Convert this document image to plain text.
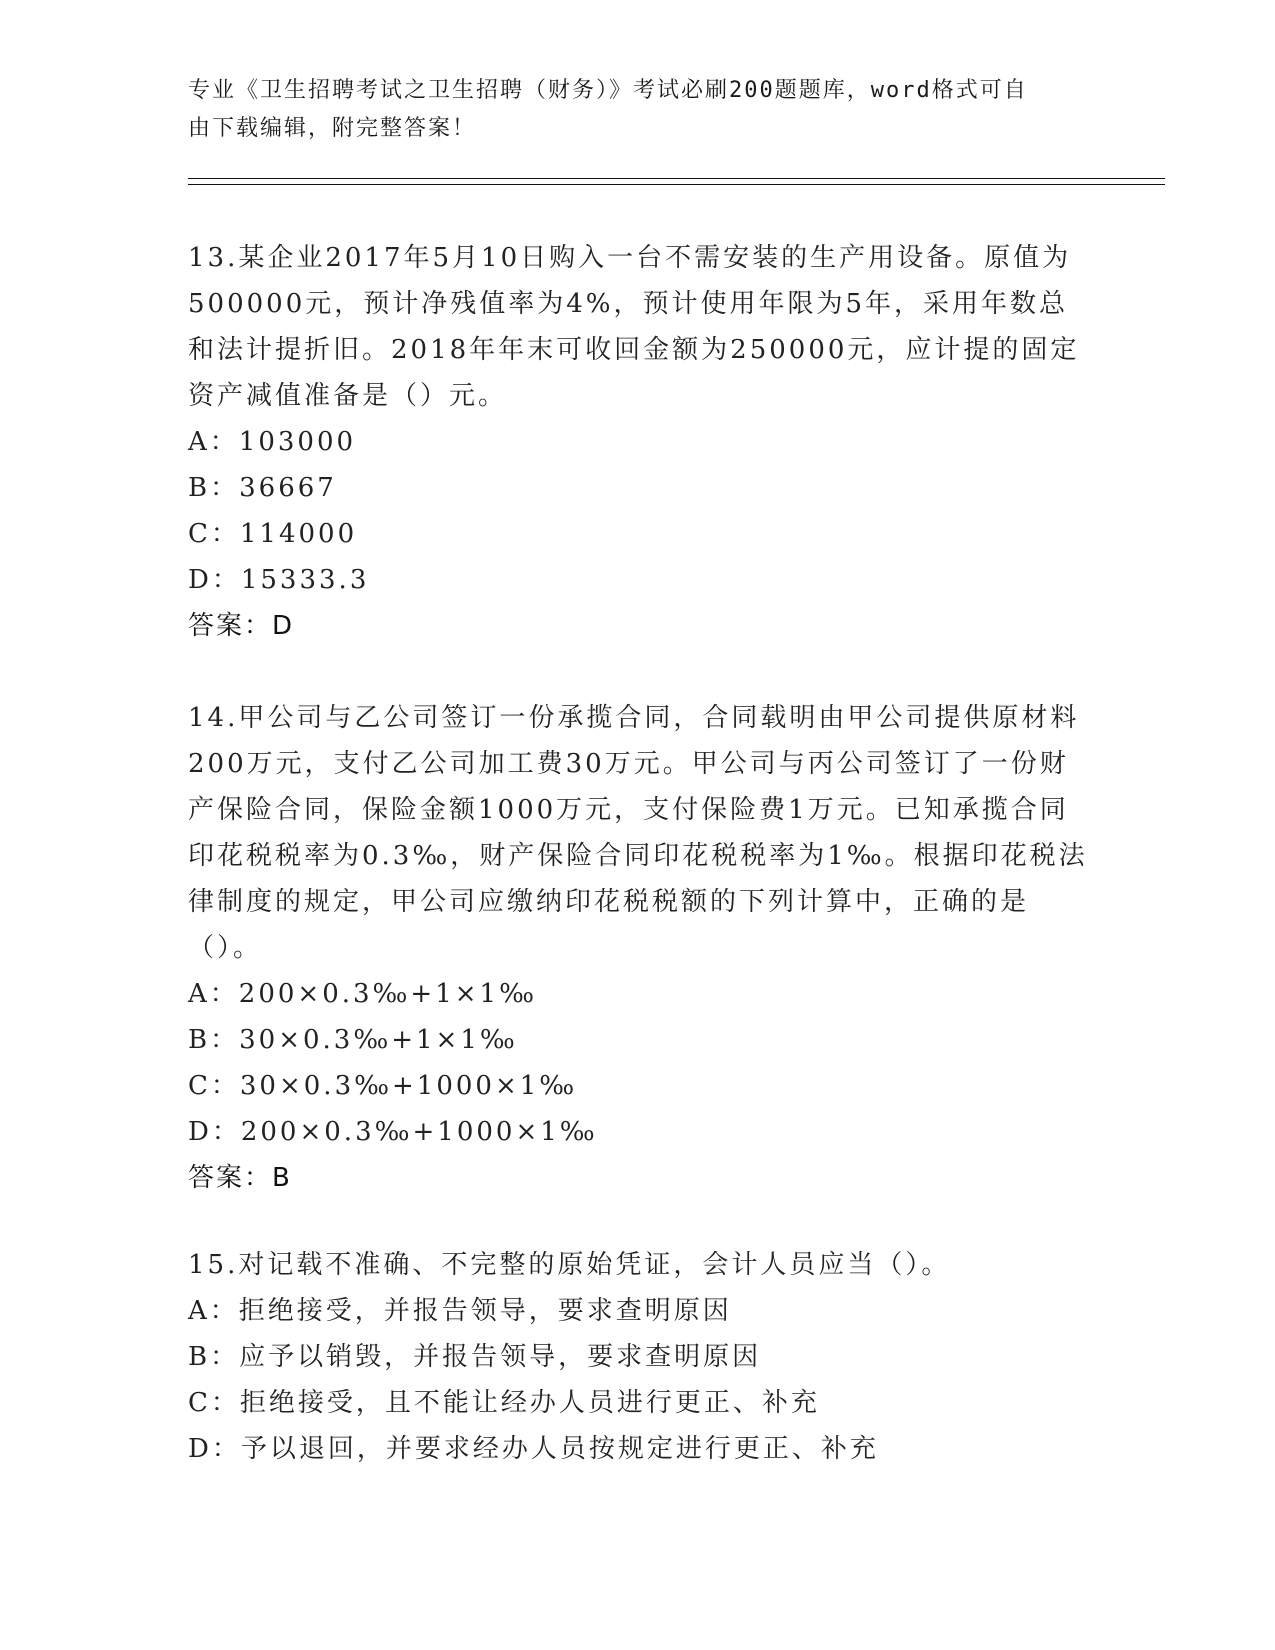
专业《卫生招聘考试之卫生招聘（财务）》考试必刷200题题库，word格式可自
由下载编辑，附完整答案！

13.某企业2017年5月10日购入一台不需安装的生产用设备。原值为500000元，预计净残值率为4%，预计使用年限为5年，采用年数总和法计提折旧。2018年年末可收回金额为250000元，应计提的固定资产减值准备是（）元。

A：103000

B：36667

C：114000

D：15333.3

答案：D

14.甲公司与乙公司签订一份承揽合同，合同载明由甲公司提供原材料200万元，支付乙公司加工费30万元。甲公司与丙公司签订了一份财产保险合同，保险金额1000万元，支付保险费1万元。已知承揽合同印花税税率为0.3‰，财产保险合同印花税税率为1‰。根据印花税法律制度的规定，甲公司应缴纳印花税税额的下列计算中，正确的是（）。

A：200×0.3‰+1×1‰

B：30×0.3‰+1×1‰

C：30×0.3‰+1000×1‰

D：200×0.3‰+1000×1‰

答案：B

15.对记载不准确、不完整的原始凭证，会计人员应当（）。

A：拒绝接受，并报告领导，要求查明原因

B：应予以销毁，并报告领导，要求查明原因

C：拒绝接受，且不能让经办人员进行更正、补充

D：予以退回，并要求经办人员按规定进行更正、补充
